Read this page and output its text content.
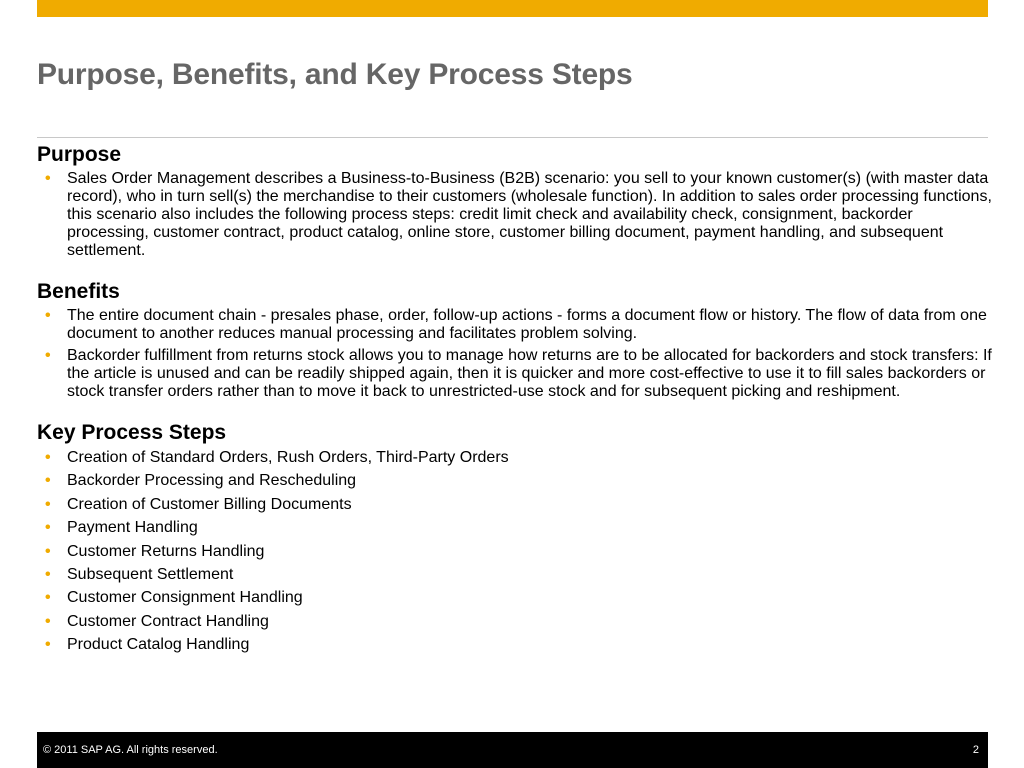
Purpose, Benefits, and Key Process Steps
Purpose
• Sales Order Management describes a Business-to-Business (B2B) scenario: you sell to your known customer(s) (with master data record), who in turn sell(s) the merchandise to their customers (wholesale function). In addition to sales order processing functions, this scenario also includes the following process steps: credit limit check and availability check, consignment, backorder processing, customer contract, product catalog, online store, customer billing document, payment handling, and subsequent settlement.
Benefits
• The entire document chain - presales phase, order, follow-up actions - forms a document flow or history. The flow of data from one document to another reduces manual processing and facilitates problem solving.
• Backorder fulfillment from returns stock allows you to manage how returns are to be allocated for backorders and stock transfers: If the article is unused and can be readily shipped again, then it is quicker and more cost-effective to use it to fill sales backorders or stock transfer orders rather than to move it back to unrestricted-use stock and for subsequent picking and reshipment.
Key Process Steps
• Creation of Standard Orders, Rush Orders, Third-Party Orders
• Backorder Processing and Rescheduling
• Creation of Customer Billing Documents
• Payment Handling
• Customer Returns Handling
• Subsequent Settlement
• Customer Consignment Handling
• Customer Contract Handling
• Product Catalog Handling
© 2011 SAP AG. All rights reserved.	2
